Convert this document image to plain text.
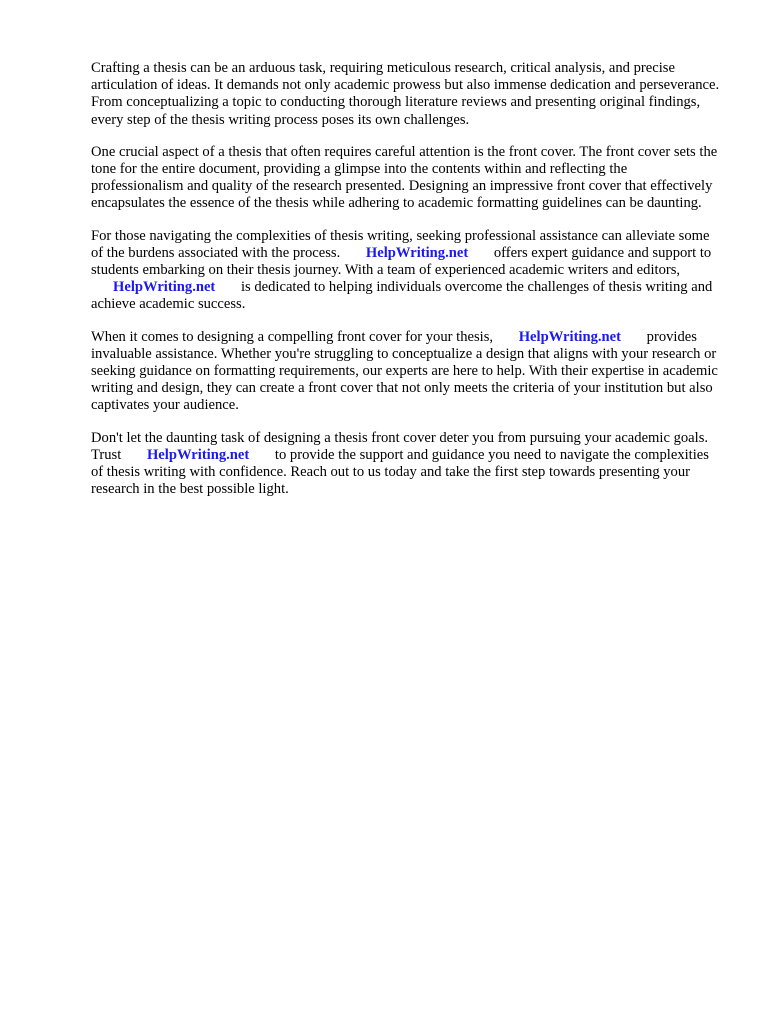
Crafting a thesis can be an arduous task, requiring meticulous research, critical analysis, and precise articulation of ideas. It demands not only academic prowess but also immense dedication and perseverance. From conceptualizing a topic to conducting thorough literature reviews and presenting original findings, every step of the thesis writing process poses its own challenges.

One crucial aspect of a thesis that often requires careful attention is the front cover. The front cover sets the tone for the entire document, providing a glimpse into the contents within and reflecting the professionalism and quality of the research presented. Designing an impressive front cover that effectively encapsulates the essence of the thesis while adhering to academic formatting guidelines can be daunting.

For those navigating the complexities of thesis writing, seeking professional assistance can alleviate some of the burdens associated with the process. HelpWriting.net offers expert guidance and support to students embarking on their thesis journey. With a team of experienced academic writers and editors, HelpWriting.net is dedicated to helping individuals overcome the challenges of thesis writing and achieve academic success.

When it comes to designing a compelling front cover for your thesis, HelpWriting.net provides invaluable assistance. Whether you're struggling to conceptualize a design that aligns with your research or seeking guidance on formatting requirements, our experts are here to help. With their expertise in academic writing and design, they can create a front cover that not only meets the criteria of your institution but also captivates your audience.

Don't let the daunting task of designing a thesis front cover deter you from pursuing your academic goals. Trust HelpWriting.net to provide the support and guidance you need to navigate the complexities of thesis writing with confidence. Reach out to us today and take the first step towards presenting your research in the best possible light.
